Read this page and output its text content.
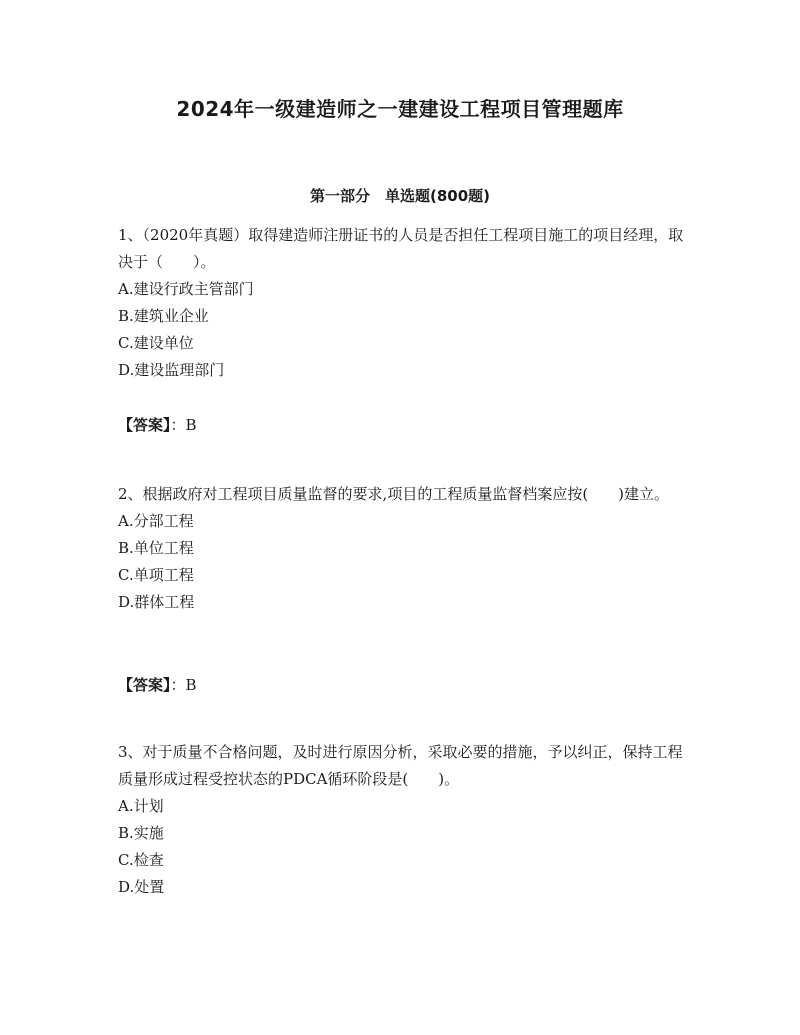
2024年一级建造师之一建建设工程项目管理题库
第一部分　单选题(800题)

1、（2020年真题）取得建造师注册证书的人员是否担任工程项目施工的项目经理，取决于（　　）。

A.建设行政主管部门

B.建筑业企业

C.建设单位

D.建设监理部门

【答案】：B

2、根据政府对工程项目质量监督的要求,项目的工程质量监督档案应按(　　)建立。

A.分部工程

B.单位工程

C.单项工程

D.群体工程

【答案】：B

3、对于质量不合格问题，及时进行原因分析，采取必要的措施，予以纠正，保持工程质量形成过程受控状态的PDCA循环阶段是(　　)。

A.计划

B.实施

C.检查

D.处置
